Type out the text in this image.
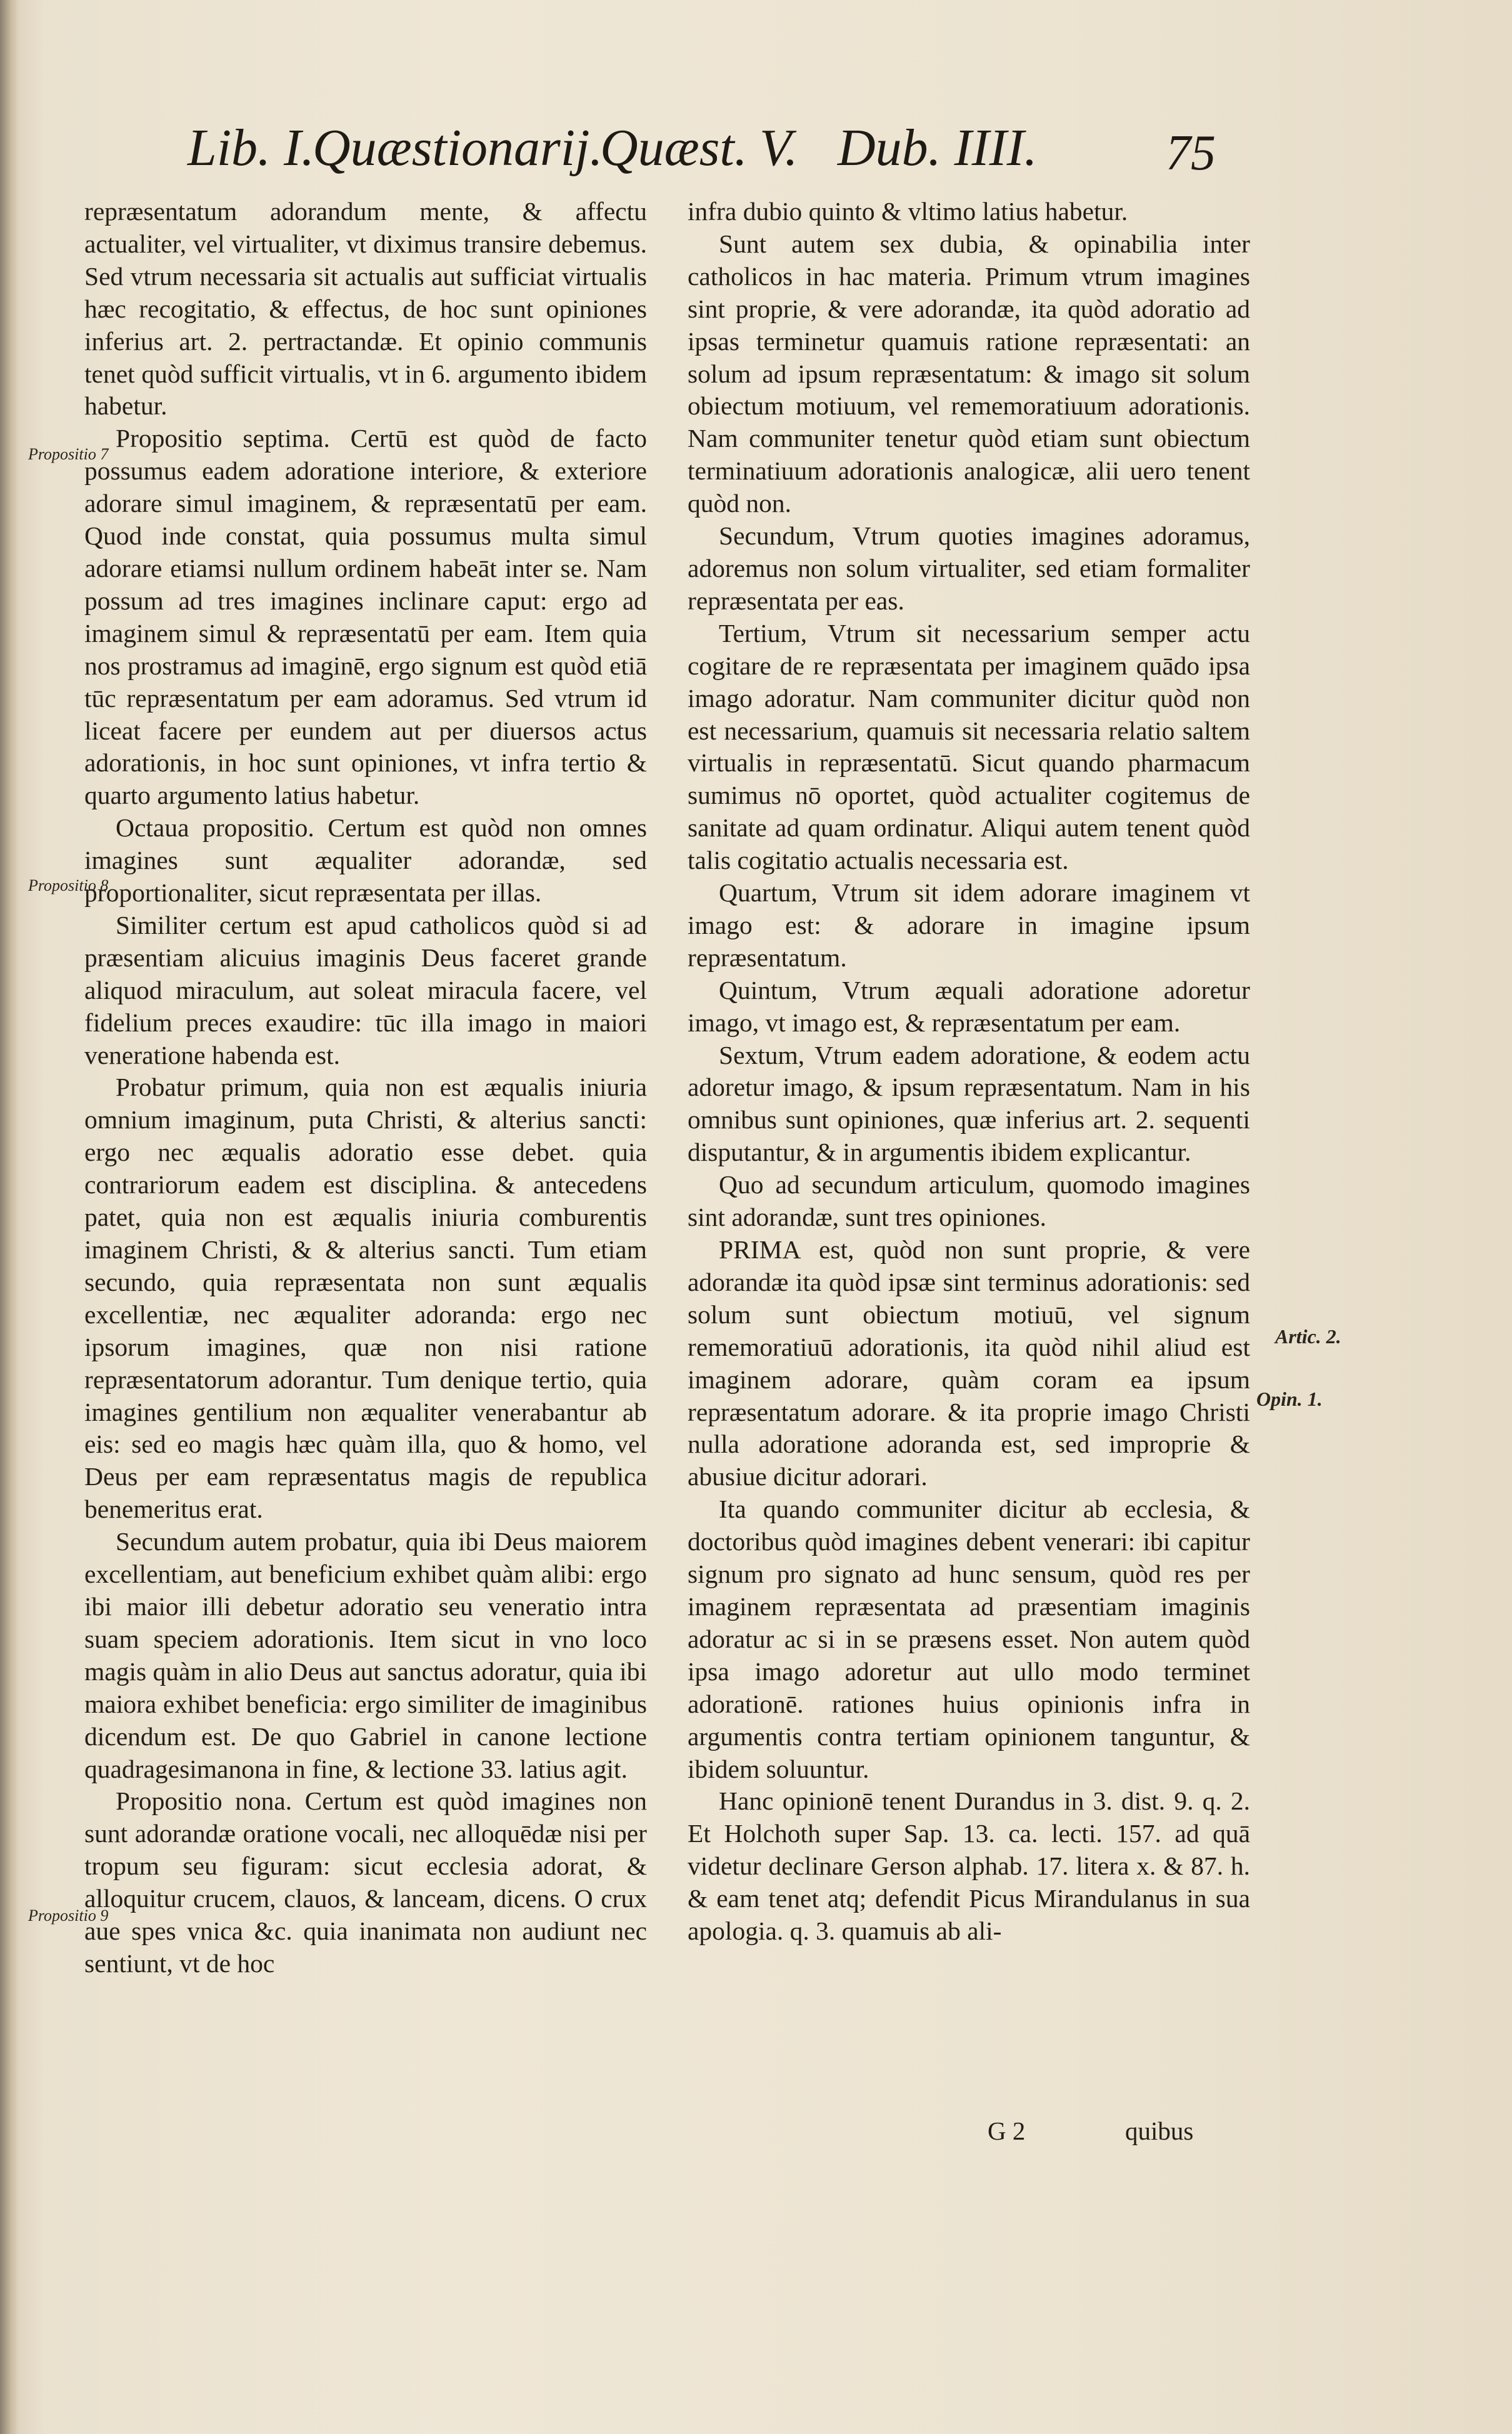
Lib. I.
Quæstionarij.
Quæst. V. Dub. IIII.	75

repræsentatum adorandum mente, & affectu actualiter, vel virtualiter, vt diximus transire debemus. Sed vtrum necessaria sit actualis aut sufficiat virtualis hæc recogitatio, & effectus, de hoc sunt opiniones inferius art. 2. pertractandæ. Et opinio communis tenet quòd sufficit virtualis, vt in 6. argumento ibidem habetur.

Propositio septima. Certū est quòd de facto possumus eadem adoratione interiore, & exteriore adorare simul imaginem, & repræsentatū per eam. Quod inde constat, quia possumus multa simul adorare etiamsi nullum ordinem habeāt inter se. Nam possum ad tres imagines inclinare caput: ergo ad imaginem simul & repræsentatū per eam. Item quia nos prostramus ad imaginē, ergo signum est quòd etiā tūc repræsentatum per eam adoramus. Sed vtrum id liceat facere per eundem aut per diuersos actus adorationis, in hoc sunt opiniones, vt infra tertio & quarto argumento latius habetur.

Octaua propositio. Certum est quòd non omnes imagines sunt æqualiter adorandæ, sed proportionaliter, sicut repræsentata per illas.

Similiter certum est apud catholicos quòd si ad præsentiam alicuius imaginis Deus faceret grande aliquod miraculum, aut soleat miracula facere, vel fidelium preces exaudire: tūc illa imago in maiori veneratione habenda est.

Probatur primum, quia non est æqualis iniuria omnium imaginum, puta Christi, & alterius sancti: ergo nec æqualis adoratio esse debet. quia contrariorum eadem est disciplina. & antecedens patet, quia non est æqualis iniuria comburentis imaginem Christi, & & alterius sancti. Tum etiam secundo, quia repræsentata non sunt æqualis excellentiæ, nec æqualiter adoranda: ergo nec ipsorum imagines, quæ non nisi ratione repræsentatorum adorantur. Tum denique tertio, quia imagines gentilium non æqualiter venerabantur ab eis: sed eo magis hæc quàm illa, quo & homo, vel Deus per eam repræsentatus magis de republica benemeritus erat.

Secundum autem probatur, quia ibi Deus maiorem excellentiam, aut beneficium exhibet quàm alibi: ergo ibi maior illi debetur adoratio seu veneratio intra suam speciem adorationis. Item sicut in vno loco magis quàm in alio Deus aut sanctus adoratur, quia ibi maiora exhibet beneficia: ergo similiter de imaginibus dicendum est. De quo Gabriel in canone lectione quadragesimanona in fine, & lectione 33. latius agit.

Propositio nona. Certum est quòd imagines non sunt adorandæ oratione vocali, nec alloquēdæ nisi per tropum seu figuram: sicut ecclesia adorat, & alloquitur crucem, clauos, & lanceam, dicens. O crux aue spes vnica &c. quia inanimata non audiunt nec sentiunt, vt de hoc

infra dubio quinto & vltimo latius habetur.

Sunt autem sex dubia, & opinabilia inter catholicos in hac materia. Primum vtrum imagines sint proprie, & vere adorandæ, ita quòd adoratio ad ipsas terminetur quamuis ratione repræsentati: an solum ad ipsum repræsentatum: & imago sit solum obiectum motiuum, vel rememoratiuum adorationis. Nam communiter tenetur quòd etiam sunt obiectum terminatiuum adorationis analogicæ, alii uero tenent quòd non.

Secundum, Vtrum quoties imagines adoramus, adoremus non solum virtualiter, sed etiam formaliter repræsentata per eas.

Tertium, Vtrum sit necessarium semper actu cogitare de re repræsentata per imaginem quādo ipsa imago adoratur. Nam communiter dicitur quòd non est necessarium, quamuis sit necessaria relatio saltem virtualis in repræsentatū. Sicut quando pharmacum sumimus nō oportet, quòd actualiter cogitemus de sanitate ad quam ordinatur. Aliqui autem tenent quòd talis cogitatio actualis necessaria est.

Quartum, Vtrum sit idem adorare imaginem vt imago est: & adorare in imagine ipsum repræsentatum.

Quintum, Vtrum æquali adoratione adoretur imago, vt imago est, & repræsentatum per eam.

Sextum, Vtrum eadem adoratione, & eodem actu adoretur imago, & ipsum repræsentatum. Nam in his omnibus sunt opiniones, quæ inferius art. 2. sequenti disputantur, & in argumentis ibidem explicantur.

Quo ad secundum articulum, quomodo imagines sint adorandæ, sunt tres opiniones.

PRIMA est, quòd non sunt proprie, & vere adorandæ ita quòd ipsæ sint terminus adorationis: sed solum sunt obiectum motiuū, vel signum rememoratiuū adorationis, ita quòd nihil aliud est imaginem adorare, quàm coram ea ipsum repræsentatum adorare. & ita proprie imago Christi nulla adoratione adoranda est, sed improprie & abusiue dicitur adorari.

Ita quando communiter dicitur ab ecclesia, & doctoribus quòd imagines debent venerari: ibi capitur signum pro signato ad hunc sensum, quòd res per imaginem repræsentata ad præsentiam imaginis adoratur ac si in se præsens esset. Non autem quòd ipsa imago adoretur aut ullo modo terminet adorationē. rationes huius opinionis infra in argumentis contra tertiam opinionem tanguntur, & ibidem soluuntur.

Hanc opinionē tenent Durandus in 3. dist. 9. q. 2. Et Holchoth super Sap. 13. ca. lecti. 157. ad quā videtur declinare Gerson alphab. 17. litera x. & 87. h. & eam tenet atq; defendit Picus Mirandulanus in sua apologia. q. 3. quamuis ab ali-

Propositio 7
Propositio 8
Propositio 9
Artic. 2.
Opin. 1.
G 2	quibus
